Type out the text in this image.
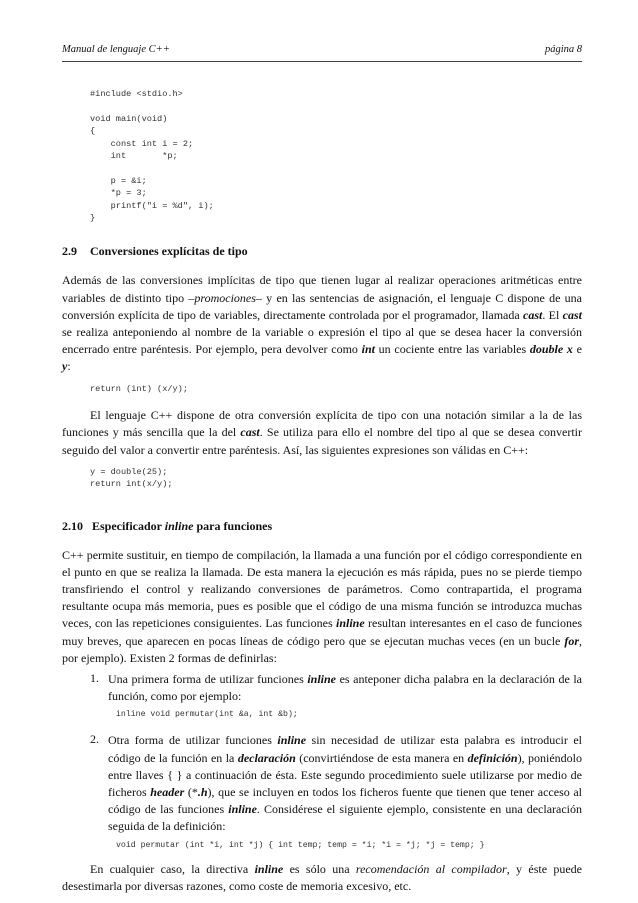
Manual de lenguaje C++	página 8
#include <stdio.h>

void main(void)
{
const int i = 2;
int       *p;

p = &i;
*p = 3;
printf("i = %d", i);
}
2.9 Conversiones explícitas de tipo

Además de las conversiones implícitas de tipo que tienen lugar al realizar operaciones aritméticas entre variables de distinto tipo –promociones– y en las sentencias de asignación, el lenguaje C dispone de una conversión explícita de tipo de variables, directamente controlada por el programador, llamada cast. El cast se realiza anteponiendo al nombre de la variable o expresión el tipo al que se desea hacer la conversión encerrado entre paréntesis. Por ejemplo, pera devolver como int un cociente entre las variables double x e y:

return (int) (x/y);

El lenguaje C++ dispone de otra conversión explícita de tipo con una notación similar a la de las funciones y más sencilla que la del cast. Se utiliza para ello el nombre del tipo al que se desea convertir seguido del valor a convertir entre paréntesis. Así, las siguientes expresiones son válidas en C++:

y = double(25);
return int(x/y);
2.10 Especificador inline para funciones

C++ permite sustituir, en tiempo de compilación, la llamada a una función por el código correspondiente en el punto en que se realiza la llamada. De esta manera la ejecución es más rápida, pues no se pierde tiempo transfiriendo el control y realizando conversiones de parámetros. Como contrapartida, el programa resultante ocupa más memoria, pues es posible que el código de una misma función se introduzca muchas veces, con las repeticiones consiguientes. Las funciones inline resultan interesantes en el caso de funciones muy breves, que aparecen en pocas líneas de código pero que se ejecutan muchas veces (en un bucle for, por ejemplo). Existen 2 formas de definirlas:

1. Una primera forma de utilizar funciones inline es anteponer dicha palabra en la declaración de la función, como por ejemplo:

inline void permutar(int &a, int &b);
2. Otra forma de utilizar funciones inline sin necesidad de utilizar esta palabra es introducir el código de la función en la declaración (convirtiéndose de esta manera en definición), poniéndolo entre llaves { } a continuación de ésta. Este segundo procedimiento suele utilizarse por medio de ficheros header (*.h), que se incluyen en todos los ficheros fuente que tienen que tener acceso al código de las funciones inline. Considérese el siguiente ejemplo, consistente en una declaración seguida de la definición:

void permutar (int *i, int *j) { int temp; temp = *i; *i = *j; *j = temp; }

En cualquier caso, la directiva inline es sólo una recomendación al compilador, y éste puede desestimarla por diversas razones, como coste de memoria excesivo, etc.
